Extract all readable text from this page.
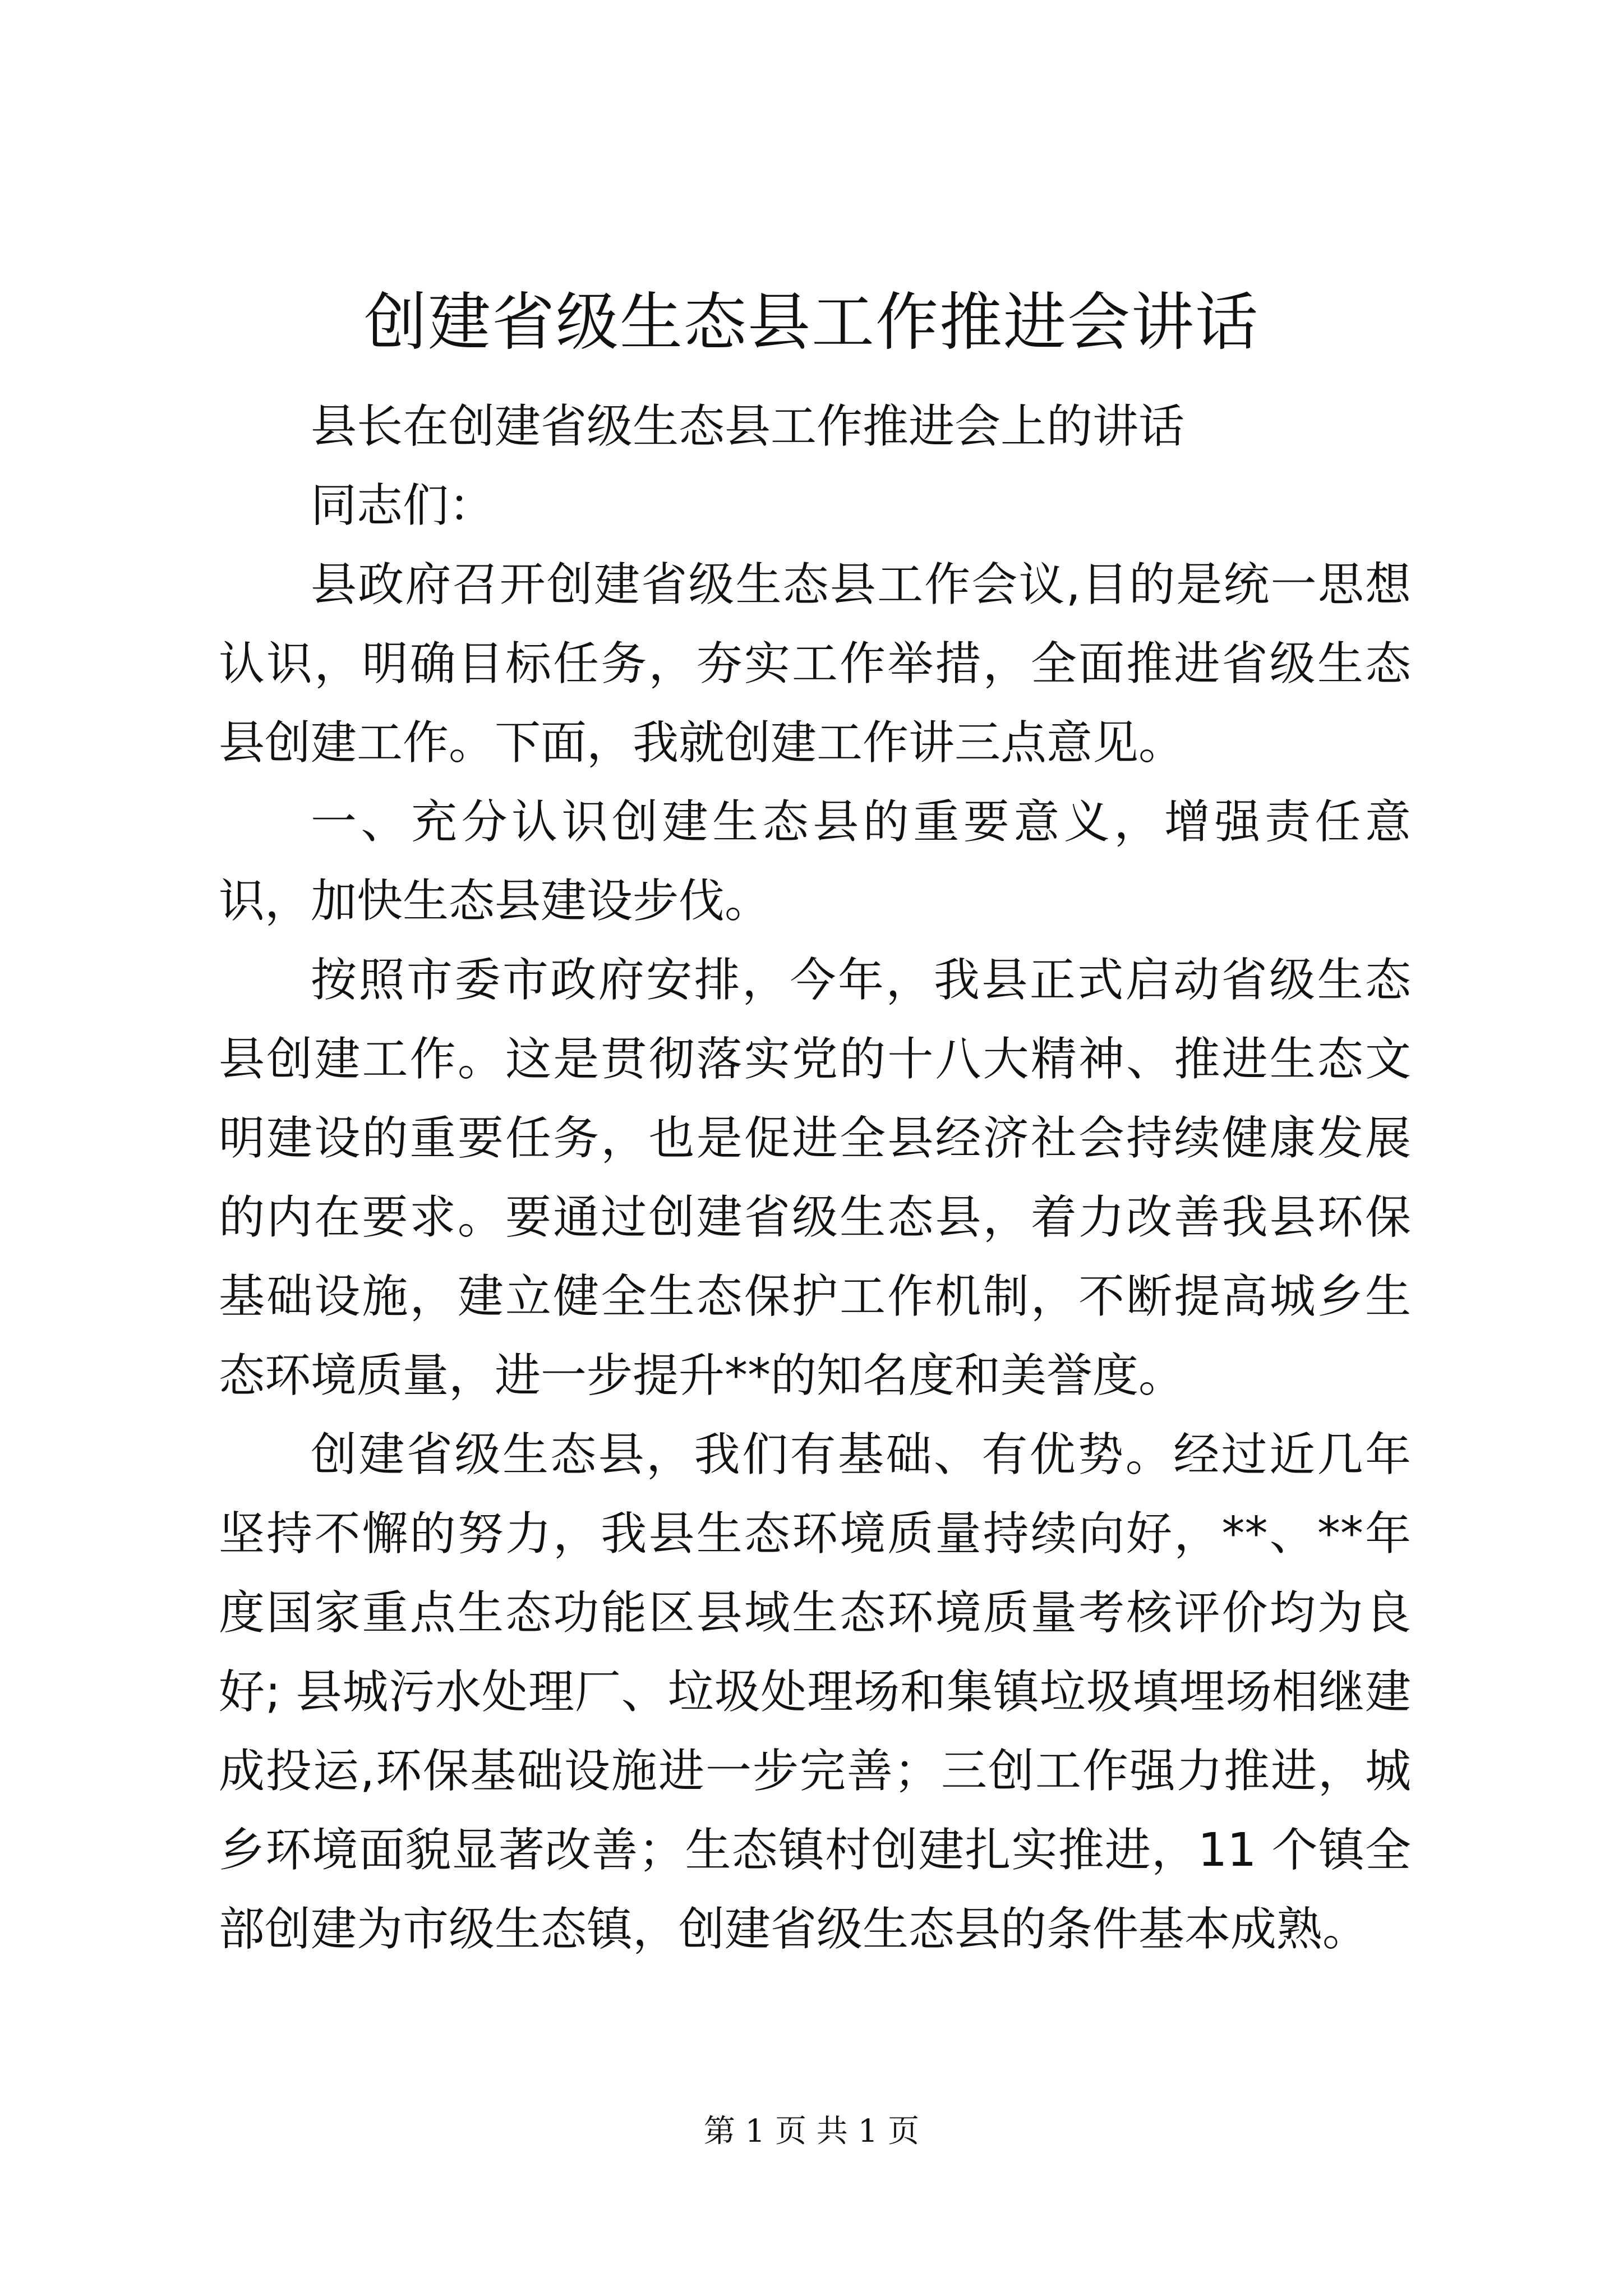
创建省级生态县工作推进会讲话

县长在创建省级生态县工作推进会上的讲话

同志们：

县政府召开创建省级生态县工作会议,目的是统一思想认识，明确目标任务，夯实工作举措，全面推进省级生态县创建工作。下面，我就创建工作讲三点意见。

一、充分认识创建生态县的重要意义，增强责任意识，加快生态县建设步伐。

按照市委市政府安排，今年，我县正式启动省级生态县创建工作。这是贯彻落实党的十八大精神、推进生态文明建设的重要任务，也是促进全县经济社会持续健康发展的内在要求。要通过创建省级生态县，着力改善我县环保基础设施，建立健全生态保护工作机制，不断提高城乡生态环境质量，进一步提升**的知名度和美誉度。

创建省级生态县，我们有基础、有优势。经过近几年坚持不懈的努力，我县生态环境质量持续向好，**、**年度国家重点生态功能区县域生态环境质量考核评价均为良好; 县城污水处理厂、垃圾处理场和集镇垃圾填埋场相继建成投运,环保基础设施进一步完善；三创工作强力推进，城乡环境面貌显著改善；生态镇村创建扎实推进，11 个镇全部创建为市级生态镇，创建省级生态县的条件基本成熟。

第 1 页 共 1 页
